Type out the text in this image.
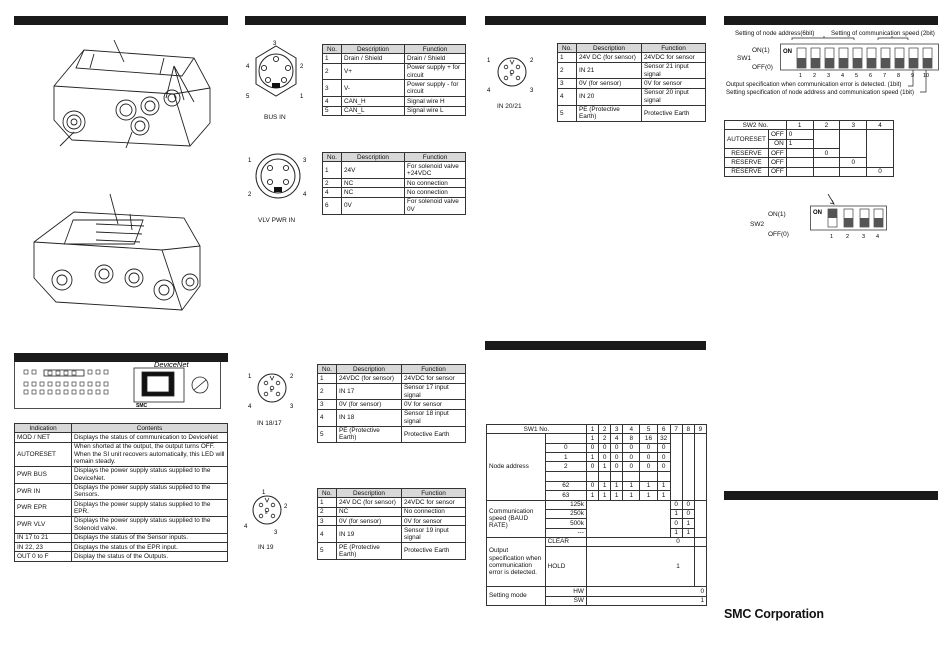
DeviceNet
SMC
Indication	Contents
MOD / NET	Displays the status of communication to DeviceNet
AUTORESET	When shorted at the output, the output turns OFF. When the SI unit recovers automatically, this LED will remain steady.
PWR BUS	Displays the power supply status supplied to the DeviceNet.
PWR IN	Displays the power supply status supplied to the Sensors.
PWR EPR	Displays the power supply status supplied to the EPR.
PWR VLV	Displays the power supply status supplied to the Solenoid valve.
IN 17 to 21	Displays the status of the Sensor inputs.
IN 22, 23	Displays the status of the EPR input.
OUT 0 to F	Display the status of the Outputs.
3
4	2
5	1
BUS IN
No.	Description	Function
1	Drain / Shield	Drain / Shield
2	V+	Power supply + for circuit
3	V-	Power supply - for circuit
4	CAN_H	Signal wire H
5	CAN_L	Signal wire L
1	3
2	4
VLV PWR IN
No.	Description	Function
1	24V	For solenoid valve +24VDC
2	NC	No connection
4	NC	No connection
6	0V	For solenoid valve 0V
1	2
3
4
5
IN 18/17
No.	Description	Function
1	24VDC (for sensor)	24VDC for sensor
2	IN 17	Sensor 17 input signal
3	0V (for sensor)	0V for sensor
4	IN 18	Sensor 18 input signal
5	PE (Protective Earth)	Protective Earth
1
2
3
4
5
IN 19
No.	Description	Function
1	24V DC (for sensor)	24VDC for sensor
2	NC	No connection
3	0V (for sensor)	0V for sensor
4	IN 19	Sensor 19 input signal
5	PE (Protective Earth)	Protective Earth
1	2
3
4
5
IN 20/21
No.	Description	Function
1	24V DC (for sensor)	24VDC for sensor
2	IN 21	Sensor 21 input signal
3	0V (for sensor)	0V for sensor
4	IN 20	Sensor 20 input signal
5	PE (Protective Earth)	Protective Earth
SW1 No.		1	2	3	4	5	6	7	8	9
Node address		1	2	4	8	16	32			
	0	0	0	0	0	0	0			
	1	1	0	0	0	0	0			
	2	0	1	0	0	0	0			

	62	0	1	1	1	1	1			
	63	1	1	1	1	1	1			
Communication speed (BAUD RATE)	125k							0	0	
	250k							1	0	
	500k							0	1	
	---							1	1	
Output specification when communication error is detected.	CLEAR	0								
	HOLD	1								
Setting mode	HW	0								
	SW	1								
Setting of node address(6bit)	Setting of communication speed (2bit)
ON(1)
SW1
OFF(0)
ON
1 2 3 4 5 6 7 8 9 10
Output specification when communication error is detected. (1bit)
Setting specification of node address and communication speed (1bit)
SW2 No.		1	2	3	4
AUTORESET	OFF	0			
	ON	1			
RESERVE	OFF		0		
RESERVE	OFF			0	
RESERVE	OFF				0
ON(1)
SW2
OFF(0)
ON
1 2 3 4
SMC Corporation
